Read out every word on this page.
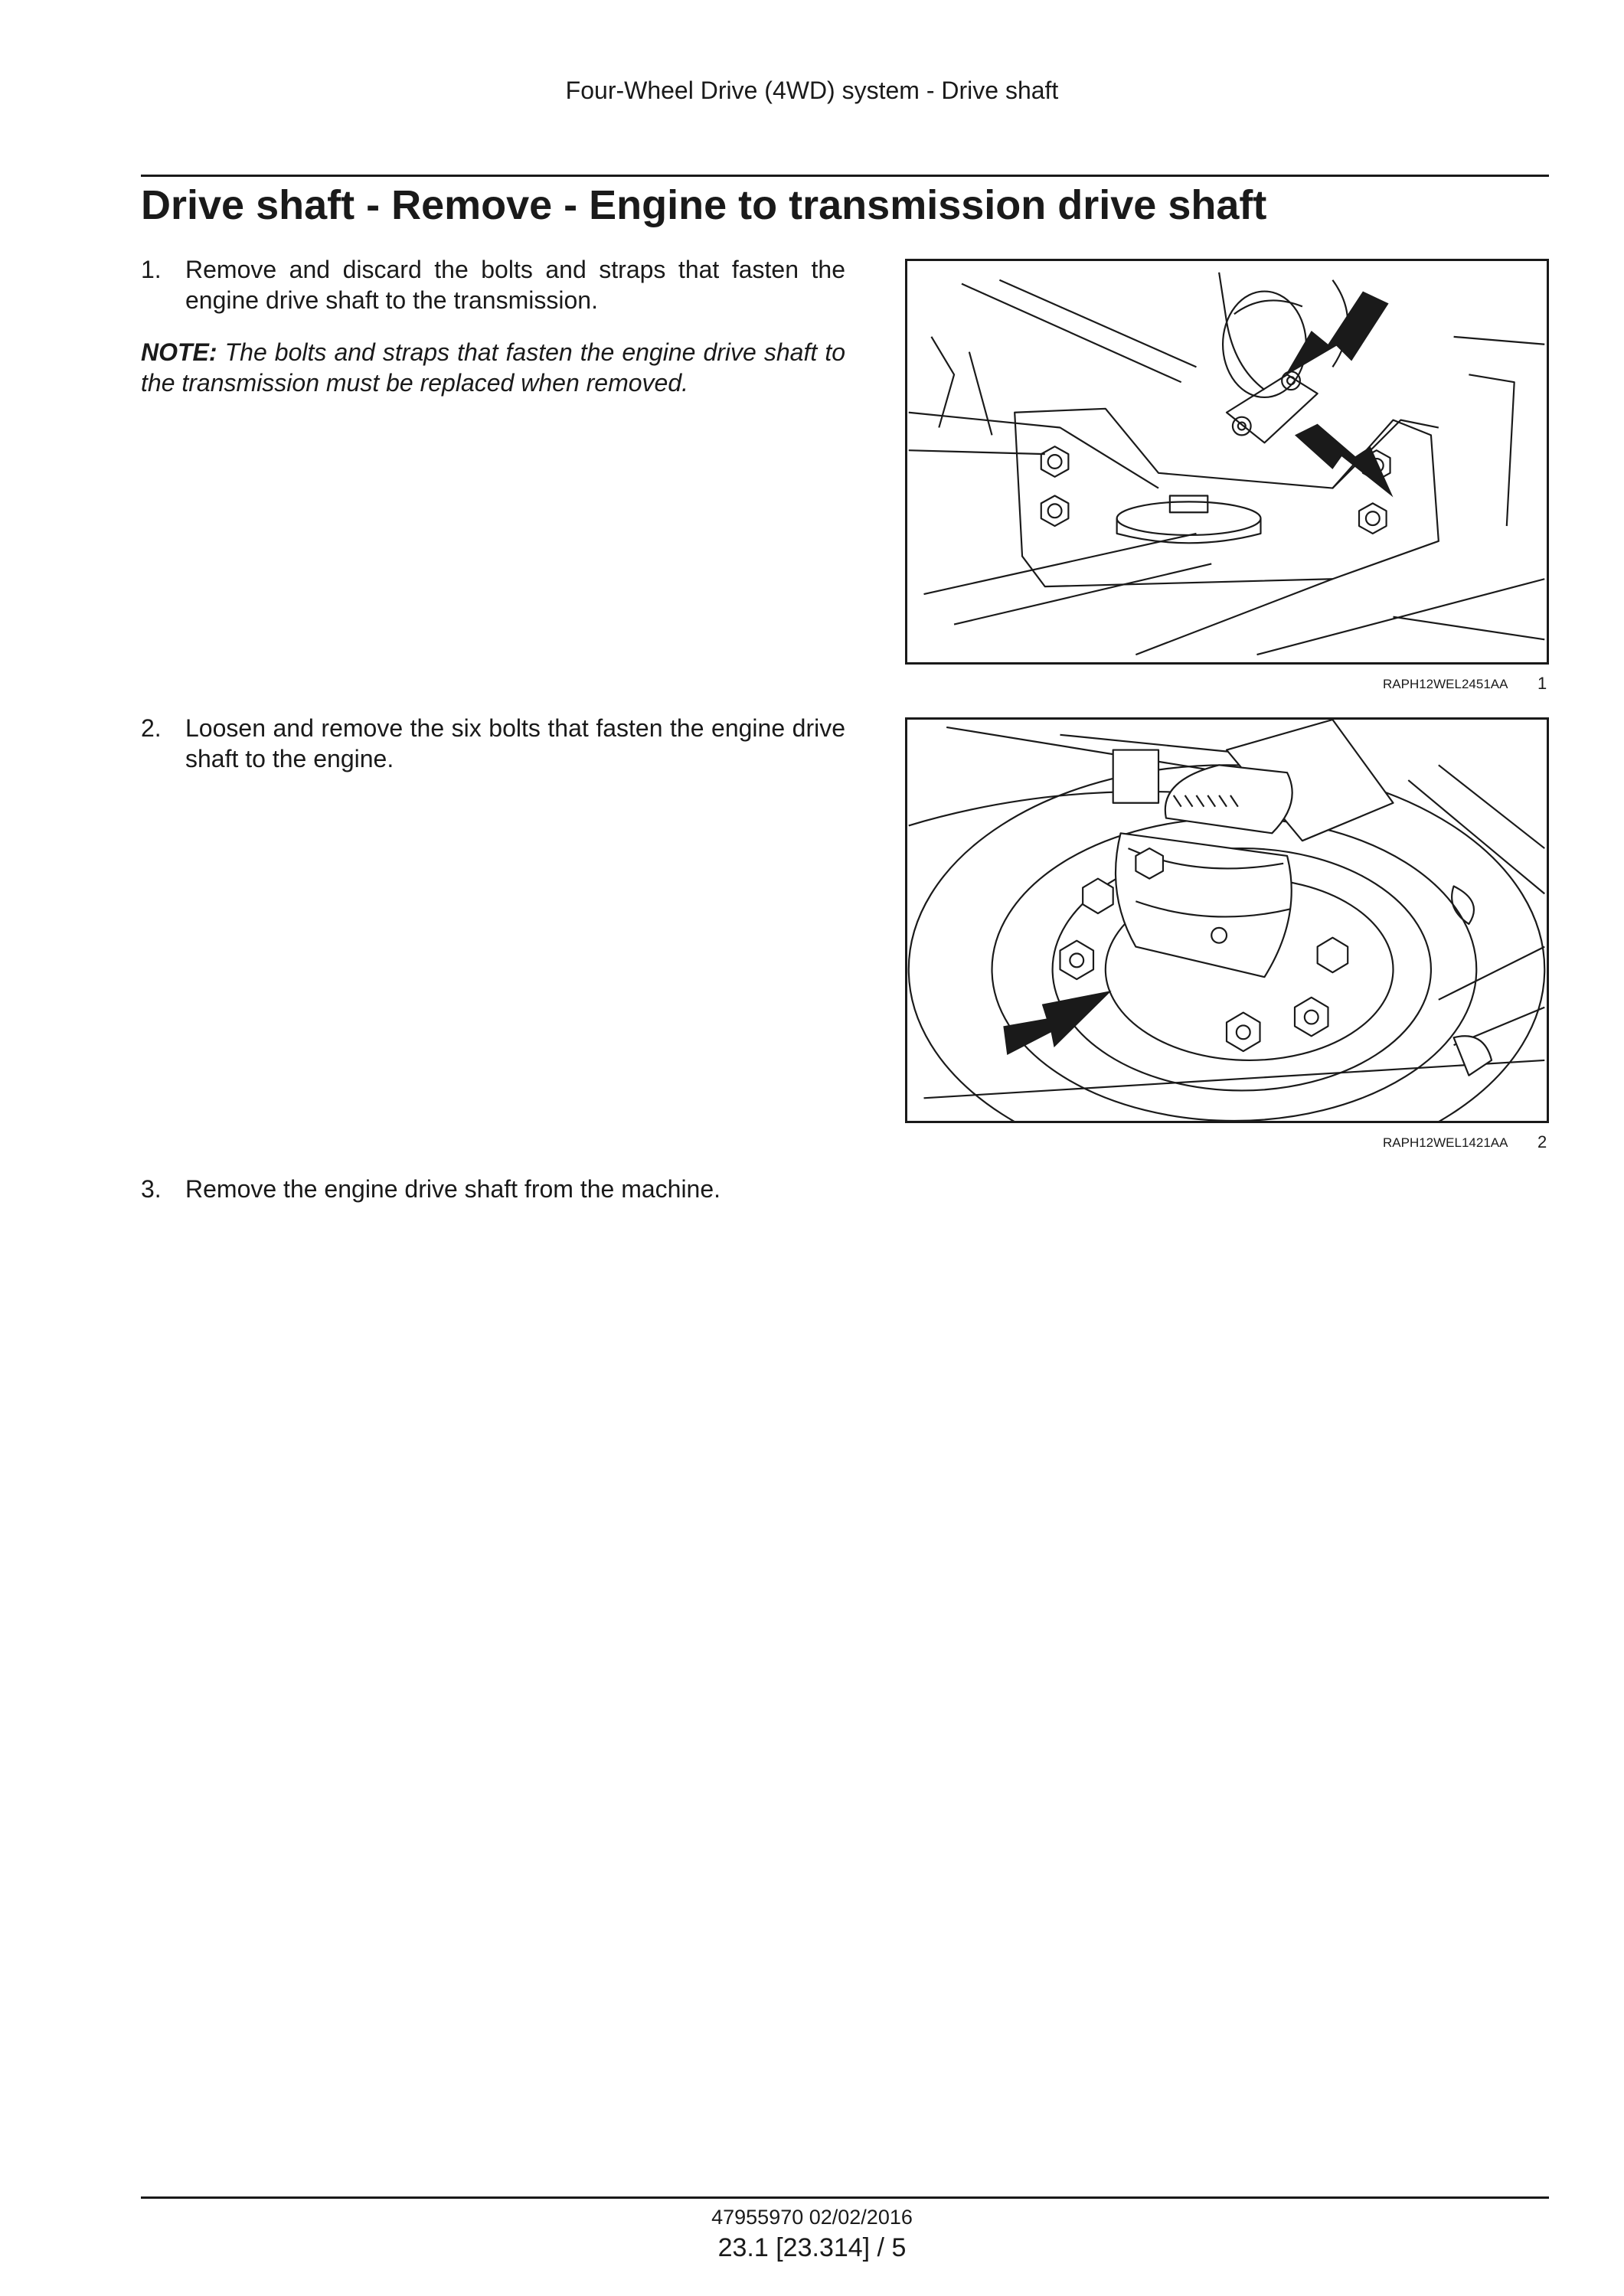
Four-Wheel Drive (4WD) system - Drive shaft
Drive shaft - Remove - Engine to transmission drive shaft
1. Remove and discard the bolts and straps that fasten the engine drive shaft to the transmission.
NOTE: The bolts and straps that fasten the engine drive shaft to the transmission must be replaced when removed.
RAPH12WEL2451AA 1
2. Loosen and remove the six bolts that fasten the engine drive shaft to the engine.
RAPH12WEL1421AA 2
3. Remove the engine drive shaft from the machine.
47955970 02/02/2016
23.1 [23.314] / 5
